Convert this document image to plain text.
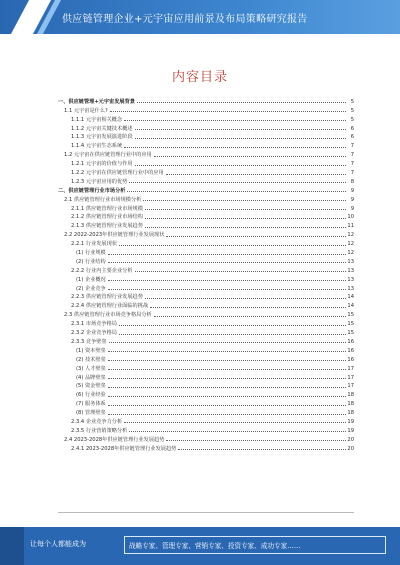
供应链管理企业+元宇宙应用前景及布局策略研究报告
内容目录
一、供应链管理+元宇宙发展背景	5
1.1 元宇宙是什么?	5
1.1.1 元宇宙相关概念	5
1.1.2 元宇宙关键技术概述	6
1.1.3 元宇宙发展演进阶段	6
1.1.4 元宇宙生态系统	7
1.2 元宇宙在供应链管理行业中的应用	7
1.2.1 元宇宙的价值与作用	7
1.2.2 元宇宙在供应链管理行业中的应用	7
1.2.3 元宇宙应用的优势	8
二、供应链管理行业市场分析	9
2.1 供应链管理行业市场规模分析	9
2.1.1 供应链管理行业市场规模	9
2.1.2 供应链管理行业市场结构	10
2.1.3 供应链管理行业发展趋势	11
2.2 2022-2023年供应链管理行业发展现状	12
2.2.1 行业发展现状	12
(1) 行业规模	12
(2) 行业结构	13
2.2.2 行业内主要企业分析	13
(1) 企业概况	13
(2) 企业竞争	13
2.2.3 供应链管理行业发展趋势	14
2.2.4 供应链管理行业面临的挑战	14
2.3 供应链管理行业市场竞争格局分析	15
2.3.1 市场竞争格局	15
2.3.2 企业竞争格局	15
2.3.3 竞争壁垒	16
(1) 资本壁垒	16
(2) 技术壁垒	16
(3) 人才壁垒	17
(4) 品牌壁垒	17
(5) 资金壁垒	17
(6) 行业经验	18
(7) 服务体系	18
(8) 管理壁垒	18
2.3.4 企业竞争力分析	19
2.3.5 行业营销策略分析	19
2.4 2023-2028年供应链管理行业发展趋势	20
2.4.1 2023-2028年供应链管理行业发展趋势	20
让每个人都能成为	战略专家、管理专家、营销专家、投资专家、成功专家……
